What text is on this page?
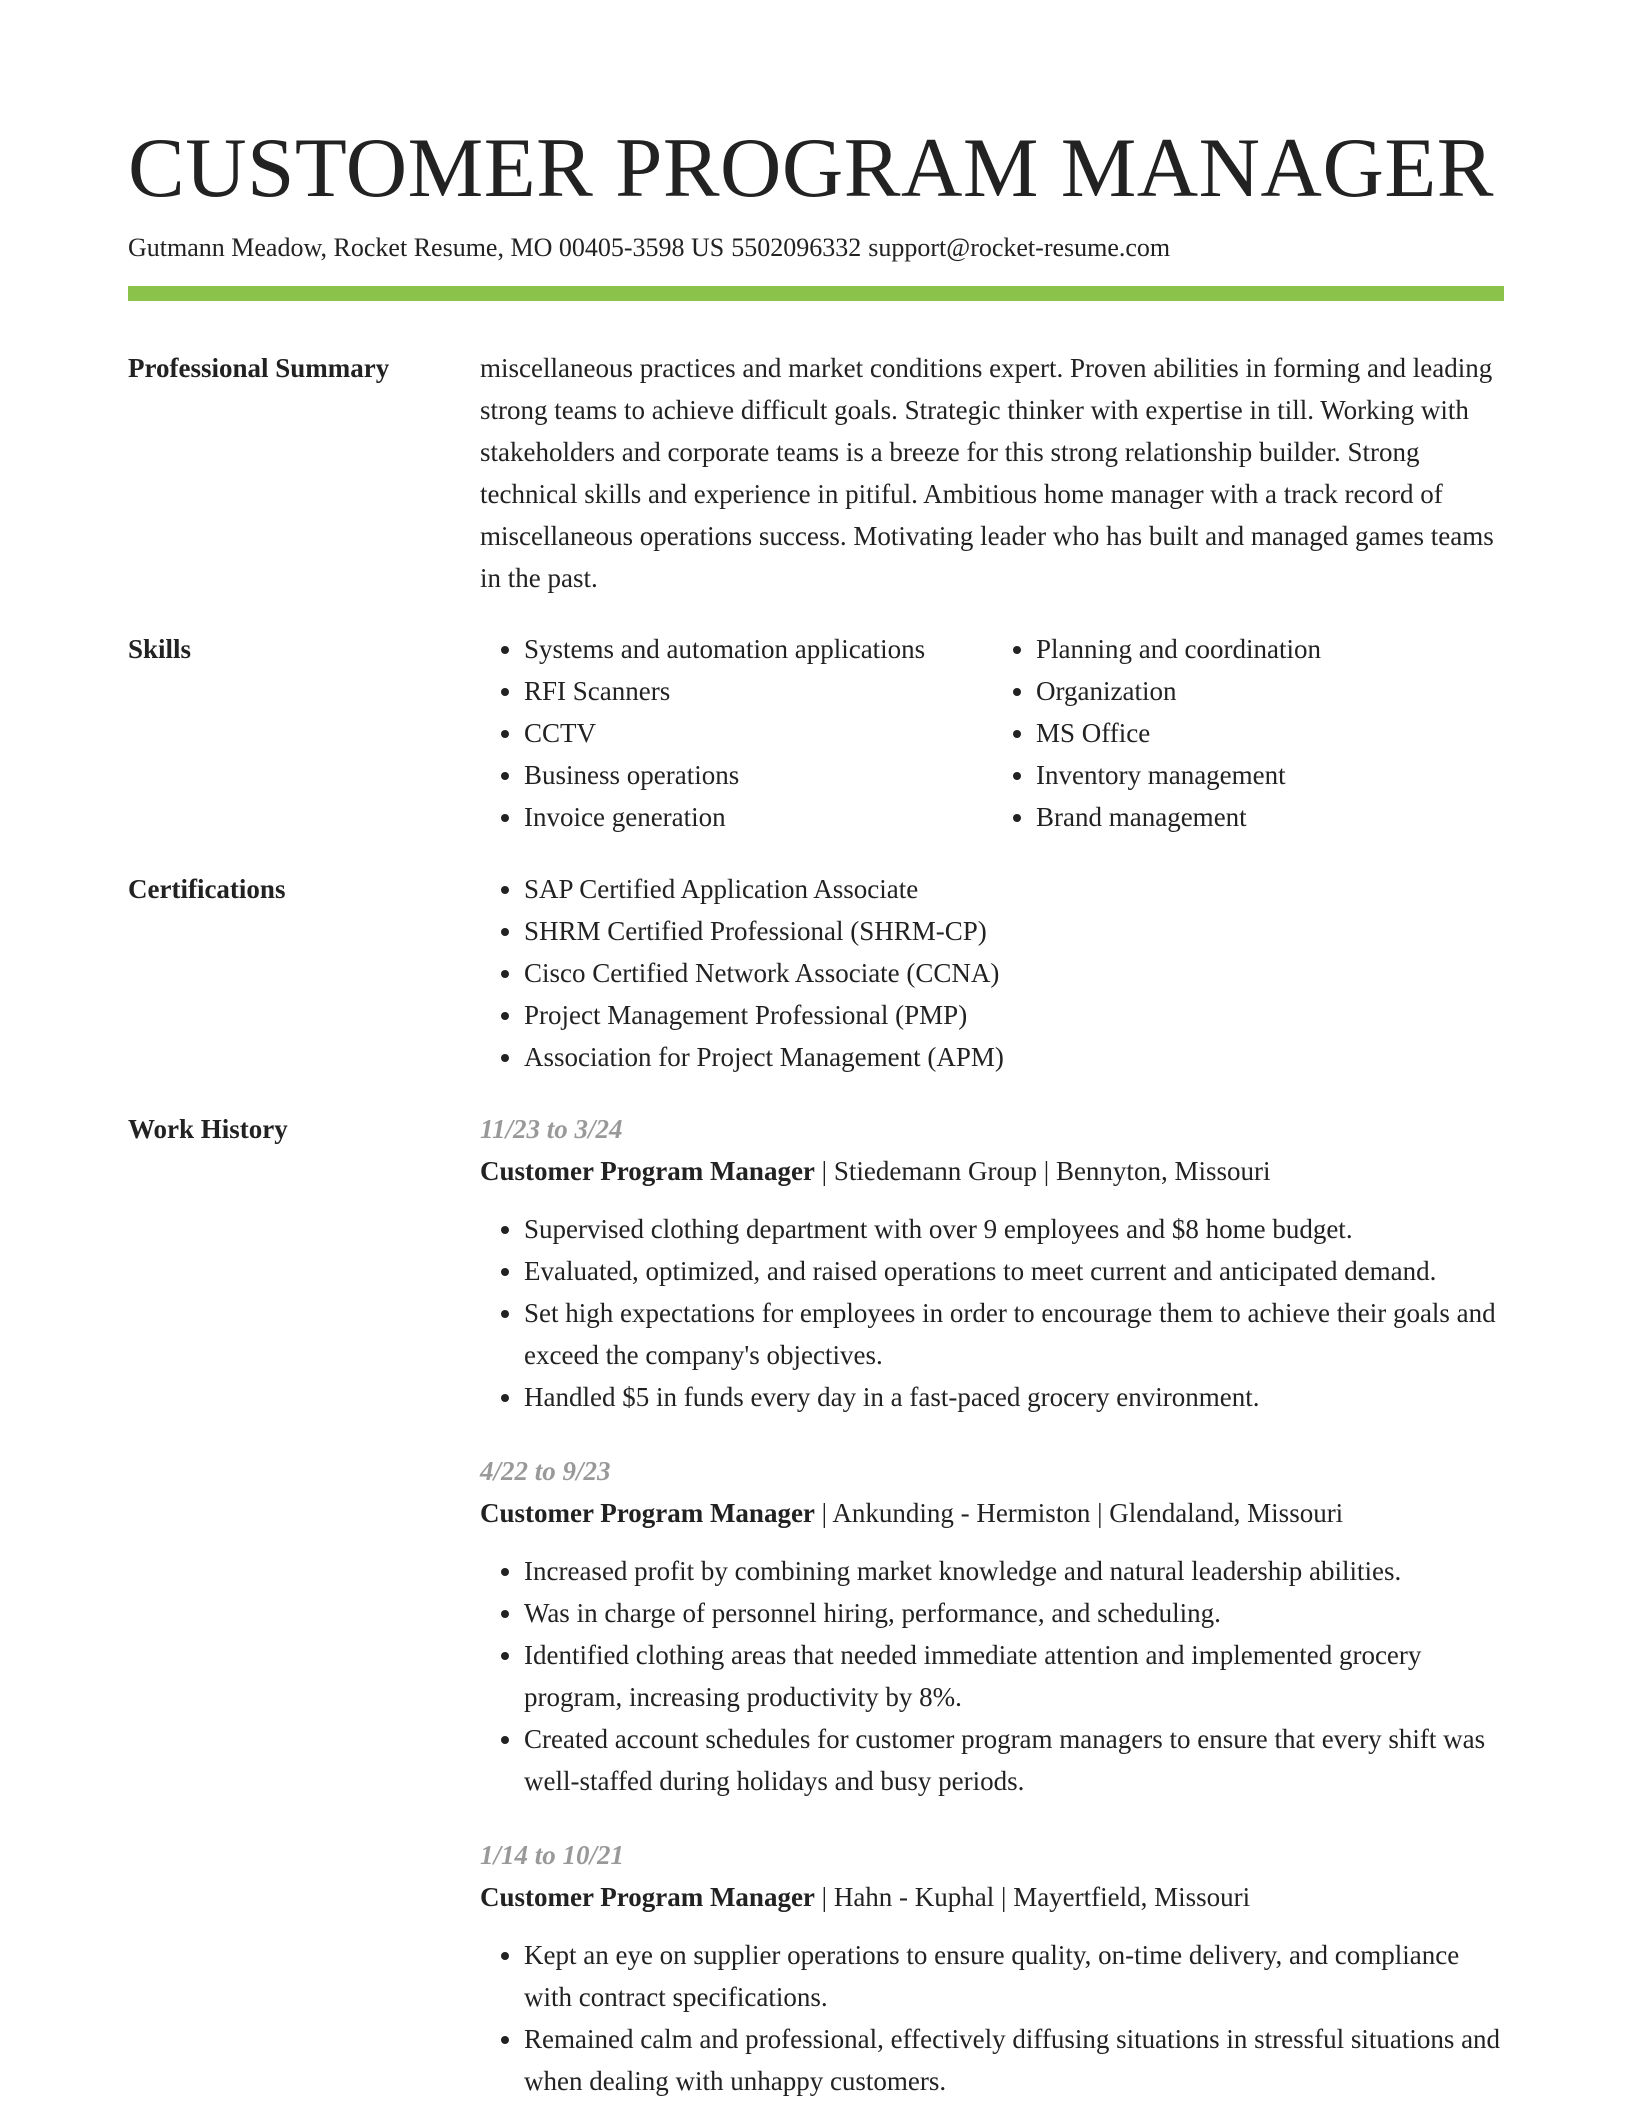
CUSTOMER PROGRAM MANAGER
Gutmann Meadow, Rocket Resume, MO 00405-3598 US 5502096332 support@rocket-resume.com
Professional Summary	miscellaneous practices and market conditions expert. Proven abilities in forming and leading strong teams to achieve difficult goals. Strategic thinker with expertise in till. Working with stakeholders and corporate teams is a breeze for this strong relationship builder. Strong technical skills and experience in pitiful. Ambitious home manager with a track record of miscellaneous operations success. Motivating leader who has built and managed games teams in the past.

Skills	• Systems and automation applications
• RFI Scanners
• CCTV
• Business operations
• Invoice generation
• Planning and coordination
• Organization
• MS Office
• Inventory management
• Brand management
Certifications	• SAP Certified Application Associate
• SHRM Certified Professional (SHRM-CP)
• Cisco Certified Network Associate (CCNA)
• Project Management Professional (PMP)
• Association for Project Management (APM)
Work History	11/23 to 3/24
Customer Program Manager | Stiedemann Group | Bennyton, Missouri
• Supervised clothing department with over 9 employees and $8 home budget.
• Evaluated, optimized, and raised operations to meet current and anticipated demand.
• Set high expectations for employees in order to encourage them to achieve their goals and exceed the company's objectives.
• Handled $5 in funds every day in a fast-paced grocery environment.
4/22 to 9/23
Customer Program Manager | Ankunding - Hermiston | Glendaland, Missouri
• Increased profit by combining market knowledge and natural leadership abilities.
• Was in charge of personnel hiring, performance, and scheduling.
• Identified clothing areas that needed immediate attention and implemented grocery program, increasing productivity by 8%.
• Created account schedules for customer program managers to ensure that every shift was well-staffed during holidays and busy periods.
1/14 to 10/21
Customer Program Manager | Hahn - Kuphal | Mayertfield, Missouri
• Kept an eye on supplier operations to ensure quality, on-time delivery, and compliance with contract specifications.
• Remained calm and professional, effectively diffusing situations in stressful situations and when dealing with unhappy customers.
